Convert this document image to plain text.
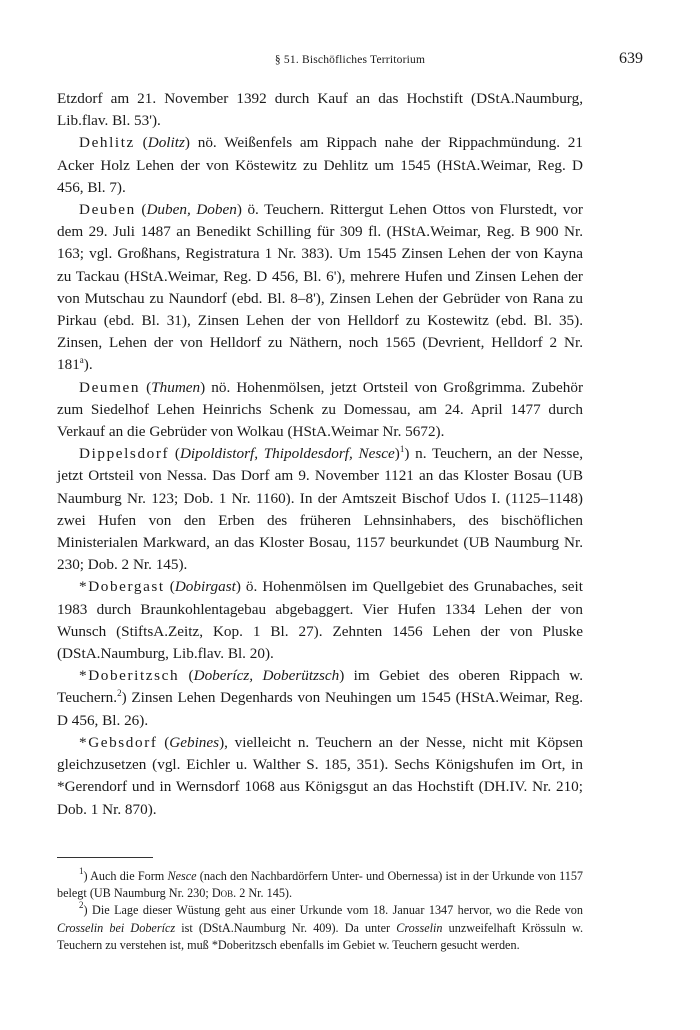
§ 51. Bischöfliches Territorium	639

Etzdorf am 21. November 1392 durch Kauf an das Hochstift (DStA.Naumburg, Lib.flav. Bl. 53').

Dehlitz (Dolitz) nö. Weißenfels am Rippach nahe der Rippachmündung. 21 Acker Holz Lehen der von Köstewitz zu Dehlitz um 1545 (HStA.Weimar, Reg. D 456, Bl. 7).

Deuben (Duben, Doben) ö. Teuchern. Rittergut Lehen Ottos von Flurstedt, vor dem 29. Juli 1487 an Benedikt Schilling für 309 fl. (HStA.Weimar, Reg. B 900 Nr. 163; vgl. Großhans, Registratura 1 Nr. 383). Um 1545 Zinsen Lehen der von Kayna zu Tackau (HStA.Weimar, Reg. D 456, Bl. 6'), mehrere Hufen und Zinsen Lehen der von Mutschau zu Naundorf (ebd. Bl. 8–8'), Zinsen Lehen der Gebrüder von Rana zu Pirkau (ebd. Bl. 31), Zinsen Lehen der von Helldorf zu Kostewitz (ebd. Bl. 35). Zinsen, Lehen der von Helldorf zu Näthern, noch 1565 (Devrient, Helldorf 2 Nr. 181$^a$).

Deumen (Thumen) nö. Hohenmölsen, jetzt Ortsteil von Großgrimma. Zubehör zum Siedelhof Lehen Heinrichs Schenk zu Domessau, am 24. April 1477 durch Verkauf an die Gebrüder von Wolkau (HStA.Weimar Nr. 5672).

Dippelsdorf (Dipoldistorf, Thipoldesdorf, Nesce)$^1$) n. Teuchern, an der Nesse, jetzt Ortsteil von Nessa. Das Dorf am 9. November 1121 an das Kloster Bosau (UB Naumburg Nr. 123; Dob. 1 Nr. 1160). In der Amtszeit Bischof Udos I. (1125–1148) zwei Hufen von den Erben des früheren Lehnsinhabers, des bischöflichen Ministerialen Markward, an das Kloster Bosau, 1157 beurkundet (UB Naumburg Nr. 230; Dob. 2 Nr. 145).

*Dobergast (Dobirgast) ö. Hohenmölsen im Quellgebiet des Grunabaches, seit 1983 durch Braunkohlentagebau abgebaggert. Vier Hufen 1334 Lehen der von Wunsch (StiftsA.Zeitz, Kop. 1 Bl. 27). Zehnten 1456 Lehen der von Pluske (DStA.Naumburg, Lib.flav. Bl. 20).

*Doberitzsch (Doberícz, Doberützsch) im Gebiet des oberen Rippach w. Teuchern.$^2$) Zinsen Lehen Degenhards von Neuhingen um 1545 (HStA.Weimar, Reg. D 456, Bl. 26).

*Gebsdorf (Gebines), vielleicht n. Teuchern an der Nesse, nicht mit Köpsen gleichzusetzen (vgl. Eichler u. Walther S. 185, 351). Sechs Königshufen im Ort, in *Gerendorf und in Wernsdorf 1068 aus Königsgut an das Hochstift (DH.IV. Nr. 210; Dob. 1 Nr. 870).

$^1$) Auch die Form Nesce (nach den Nachbardörfern Unter- und Obernessa) ist in der Urkunde von 1157 belegt (UB Naumburg Nr. 230; Dob. 2 Nr. 145).

$^2$) Die Lage dieser Wüstung geht aus einer Urkunde vom 18. Januar 1347 hervor, wo die Rede von Crosselin bei Doberícz ist (DStA.Naumburg Nr. 409). Da unter Crosselin unzweifelhaft Krössuln w. Teuchern zu verstehen ist, muß *Doberitzsch ebenfalls im Gebiet w. Teuchern gesucht werden.
